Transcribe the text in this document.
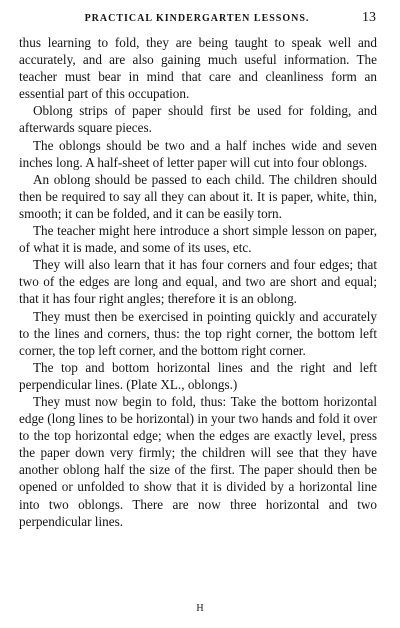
PRACTICAL KINDERGARTEN LESSONS.	13

thus learning to fold, they are being taught to speak well and accurately, and are also gaining much useful information. The teacher must bear in mind that care and cleanliness form an essential part of this occupation.

Oblong strips of paper should first be used for folding, and afterwards square pieces.

The oblongs should be two and a half inches wide and seven inches long. A half-sheet of letter paper will cut into four oblongs.

An oblong should be passed to each child. The children should then be required to say all they can about it. It is paper, white, thin, smooth; it can be folded, and it can be easily torn.

The teacher might here introduce a short simple lesson on paper, of what it is made, and some of its uses, etc.

They will also learn that it has four corners and four edges; that two of the edges are long and equal, and two are short and equal; that it has four right angles; therefore it is an oblong.

They must then be exercised in pointing quickly and accurately to the lines and corners, thus: the top right corner, the bottom left corner, the top left corner, and the bottom right corner.

The top and bottom horizontal lines and the right and left perpendicular lines. (Plate XL., oblongs.)

They must now begin to fold, thus: Take the bottom horizontal edge (long lines to be horizontal) in your two hands and fold it over to the top horizontal edge; when the edges are exactly level, press the paper down very firmly; the children will see that they have another oblong half the size of the first. The paper should then be opened or unfolded to show that it is divided by a horizontal line into two oblongs. There are now three horizontal and two perpendicular lines.

H
